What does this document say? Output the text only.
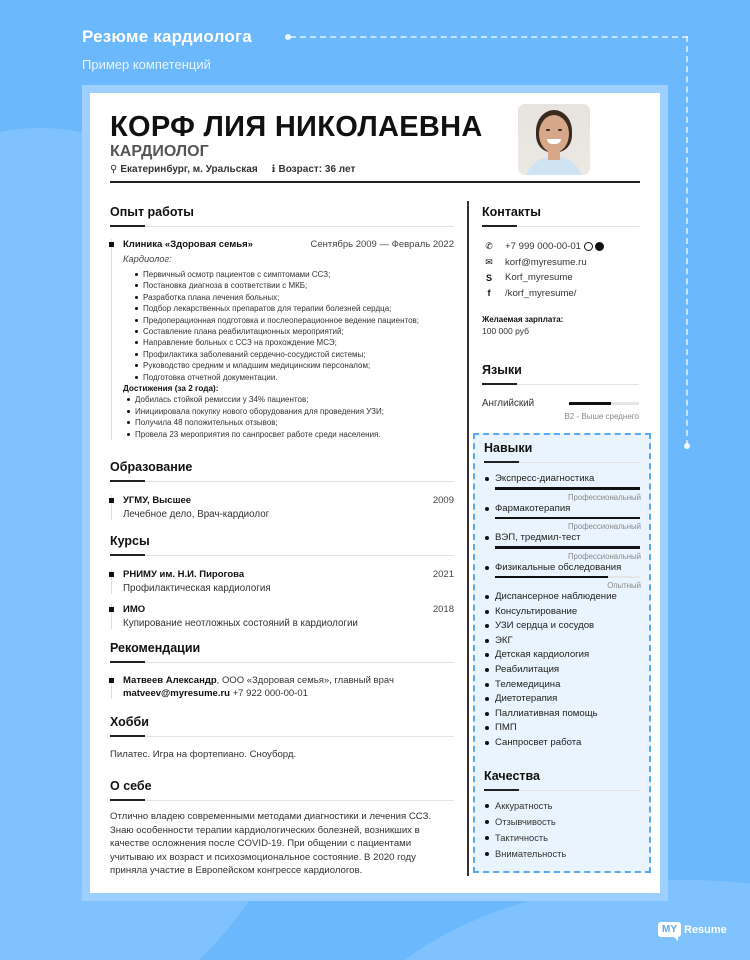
Резюме кардиолога
Пример компетенций
КОРФ ЛИЯ НИКОЛАЕВНА
КАРДИОЛОГ
⚲ Екатеринбург, м. Уральская ℹ Возраст: 36 лет
Опыт работы
Клиника «Здоровая семья»	Сентябрь 2009 — Февраль 2022
Кардиолог:
Первичный осмотр пациентов с симптомами ССЗ;
Постановка диагноза в соответствии с МКБ;
Разработка плана лечения больных;
Подбор лекарственных препаратов для терапии болезней сердца;
Предоперационная подготовка и послеоперационное ведение пациентов;
Составление плана реабилитационных мероприятий;
Направление больных с ССЗ на прохождение МСЭ;
Профилактика заболеваний сердечно-сосудистой системы;
Руководство средним и младшим медицинским персоналом;
Подготовка отчетной документации.
Достижения (за 2 года):
Добилась стойкой ремиссии у 34% пациентов;
Инициировала покупку нового оборудования для проведения УЗИ;
Получила 48 положительных отзывов;
Провела 23 мероприятия по санпросвет работе среди населения.
Образование
УГМУ, Высшее	2009
Лечебное дело, Врач-кардиолог
Курсы
РНИМУ им. Н.И. Пирогова	2021
Профилактическая кардиология
ИМО	2018
Купирование неотложных состояний в кардиологии
Рекомендации
Матвеев Александр, ООО «Здоровая семья», главный врач
matveev@myresume.ru +7 922 000-00-01
Хобби
Пилатес. Игра на фортепиано. Сноуборд.
О себе
Отлично владею современными методами диагностики и лечения ССЗ. Знаю особенности терапии кардиологических болезней, возникших в качестве осложнения после COVID-19. При общении с пациентами учитываю их возраст и психоэмоциональное состояние. В 2020 году приняла участие в Европейском конгрессе кардиологов.
Контакты
✆	+7 999 000-00-01
✉	korf@myresume.ru
S	Korf_myresume
f	/korf_myresume/
Желаемая зарплата:
100 000 руб
Языки
Английский
B2 - Выше среднего
Навыки
Экспресс-диагностика
Профессиональный
Фармакотерапия
Профессиональный
ВЭП, тредмил-тест
Профессиональный
Физикальные обследования
Опытный
Диспансерное наблюдение
Консультирование
УЗИ сердца и сосудов
ЭКГ
Детская кардиология
Реабилитация
Телемедицина
Диетотерапия
Паллиативная помощь
ПМП
Санпросвет работа
Качества
Аккуратность
Отзывчивость
Тактичность
Внимательность
MY Resume
